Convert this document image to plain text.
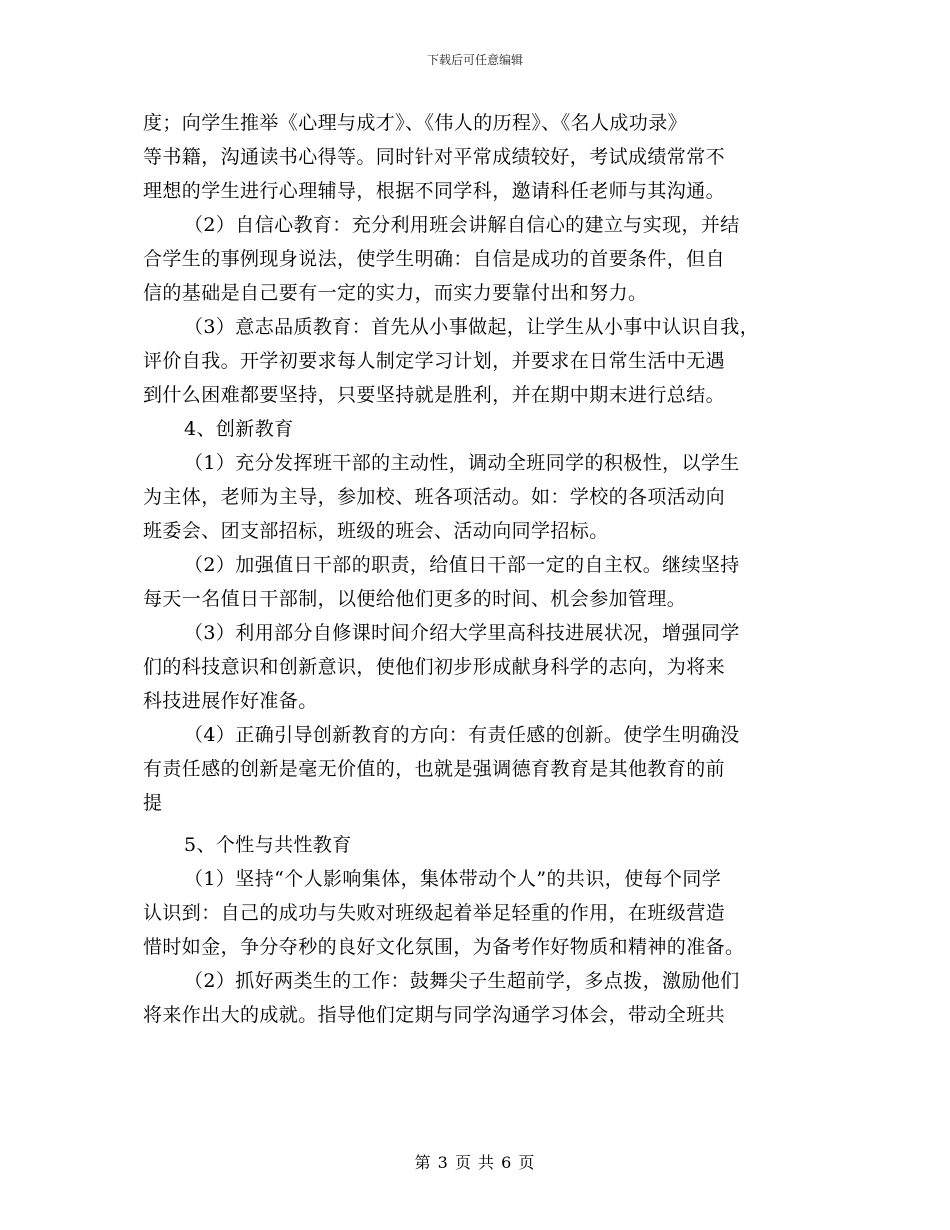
下载后可任意编辑
度；向学生推举《心理与成才》、《伟人的历程》、《名人成功录》
等书籍，沟通读书心得等。同时针对平常成绩较好，考试成绩常常不
理想的学生进行心理辅导，根据不同学科，邀请科任老师与其沟通。
（2）自信心教育：充分利用班会讲解自信心的建立与实现，并结
合学生的事例现身说法，使学生明确：自信是成功的首要条件，但自
信的基础是自己要有一定的实力，而实力要靠付出和努力。
（3）意志品质教育：首先从小事做起，让学生从小事中认识自我，
评价自我。开学初要求每人制定学习计划，并要求在日常生活中无遇
到什么困难都要坚持，只要坚持就是胜利，并在期中期末进行总结。
4、创新教育
（1）充分发挥班干部的主动性，调动全班同学的积极性，以学生
为主体，老师为主导，参加校、班各项活动。如：学校的各项活动向
班委会、团支部招标，班级的班会、活动向同学招标。
（2）加强值日干部的职责，给值日干部一定的自主权。继续坚持
每天一名值日干部制，以便给他们更多的时间、机会参加管理。
（3）利用部分自修课时间介绍大学里高科技进展状况，增强同学
们的科技意识和创新意识，使他们初步形成献身科学的志向，为将来
科技进展作好准备。
（4）正确引导创新教育的方向：有责任感的创新。使学生明确没
有责任感的创新是毫无价值的，也就是强调德育教育是其他教育的前
提
5、个性与共性教育
（1）坚持“个人影响集体，集体带动个人”的共识，使每个同学
认识到：自己的成功与失败对班级起着举足轻重的作用，在班级营造
惜时如金，争分夺秒的良好文化氛围，为备考作好物质和精神的准备。
（2）抓好两类生的工作：鼓舞尖子生超前学，多点拨，激励他们
将来作出大的成就。指导他们定期与同学沟通学习体会，带动全班共
第 3 页 共 6 页
